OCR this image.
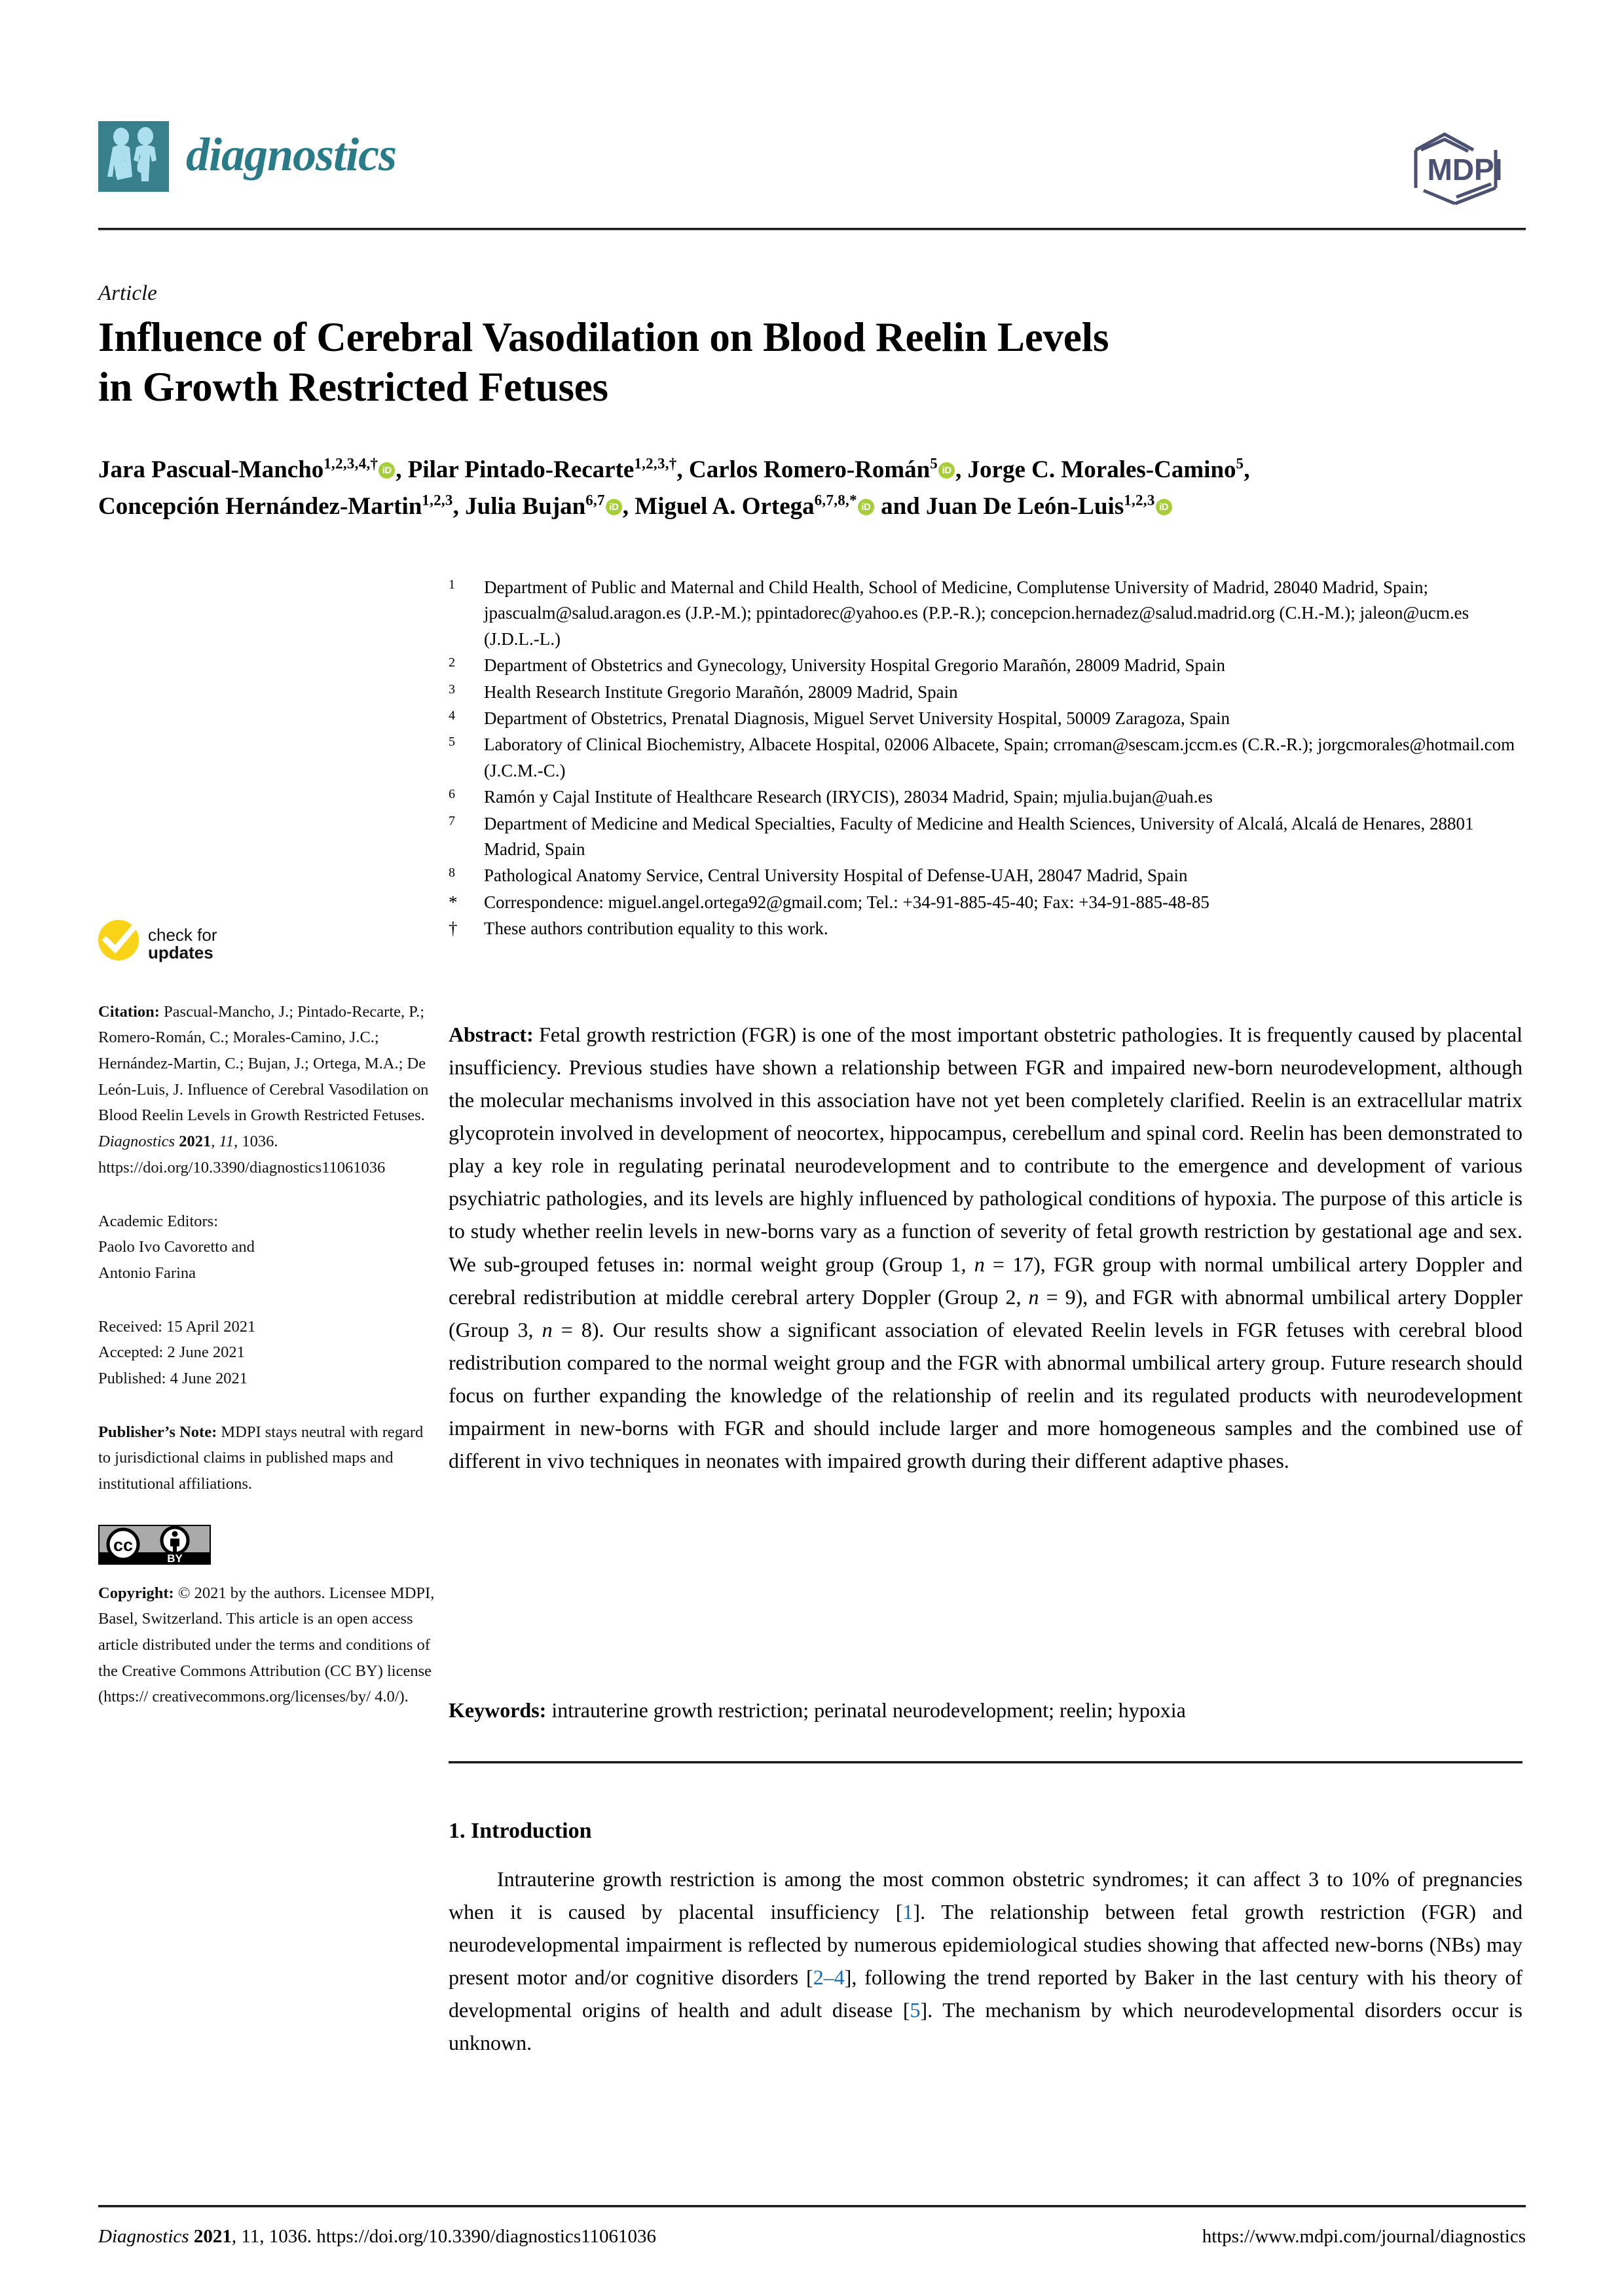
diagnostics	MDPI
Article
Influence of Cerebral Vasodilation on Blood Reelin Levels
in Growth Restricted Fetuses
Jara Pascual-Mancho$^{1,2,3,4,\dagger}$ iD , Pilar Pintado-Recarte$^{1,2,3,\dagger}$, Carlos Romero-Román$^5$ iD , Jorge C. Morales-Camino$^5$,
Concepción Hernández-Martin$^{1,2,3}$, Julia Bujan$^{6,7}$ iD , Miguel A. Ortega$^{6,7,8,*}$ iD and Juan De León-Luis$^{1,2,3}$ iD
1	Department of Public and Maternal and Child Health, School of Medicine, Complutense University of Madrid, 28040 Madrid, Spain; jpascualm@salud.aragon.es (J.P.-M.); ppintadorec@yahoo.es (P.P.-R.); concepcion.hernadez@salud.madrid.org (C.H.-M.); jaleon@ucm.es (J.D.L.-L.)
2	Department of Obstetrics and Gynecology, University Hospital Gregorio Marañón, 28009 Madrid, Spain
3	Health Research Institute Gregorio Marañón, 28009 Madrid, Spain
4	Department of Obstetrics, Prenatal Diagnosis, Miguel Servet University Hospital, 50009 Zaragoza, Spain
5	Laboratory of Clinical Biochemistry, Albacete Hospital, 02006 Albacete, Spain; crroman@sescam.jccm.es (C.R.-R.); jorgcmorales@hotmail.com (J.C.M.-C.)
6	Ramón y Cajal Institute of Healthcare Research (IRYCIS), 28034 Madrid, Spain; mjulia.bujan@uah.es
7	Department of Medicine and Medical Specialties, Faculty of Medicine and Health Sciences, University of Alcalá, Alcalá de Henares, 28801 Madrid, Spain
8	Pathological Anatomy Service, Central University Hospital of Defense-UAH, 28047 Madrid, Spain
*	Correspondence: miguel.angel.ortega92@gmail.com; Tel.: +34-91-885-45-40; Fax: +34-91-885-48-85
†	These authors contribution equality to this work.
check for
updates
Citation: Pascual-Mancho, J.; Pintado-Recarte, P.; Romero-Román, C.; Morales-Camino, J.C.; Hernández-Martin, C.; Bujan, J.; Ortega, M.A.; De León-Luis, J. Influence of Cerebral Vasodilation on Blood Reelin Levels in Growth Restricted Fetuses. Diagnostics 2021, 11, 1036. https://doi.org/10.3390/diagnostics11061036
Academic Editors:
Paolo Ivo Cavoretto and
Antonio Farina
Received: 15 April 2021
Accepted: 2 June 2021
Published: 4 June 2021
Publisher’s Note: MDPI stays neutral with regard to jurisdictional claims in published maps and institutional affiliations.
cc
BY
Copyright: © 2021 by the authors. Licensee MDPI, Basel, Switzerland. This article is an open access article distributed under the terms and conditions of the Creative Commons Attribution (CC BY) license (https:// creativecommons.org/licenses/by/ 4.0/).
Abstract: Fetal growth restriction (FGR) is one of the most important obstetric pathologies. It is frequently caused by placental insufficiency. Previous studies have shown a relationship between FGR and impaired new-born neurodevelopment, although the molecular mechanisms involved in this association have not yet been completely clarified. Reelin is an extracellular matrix glycoprotein involved in development of neocortex, hippocampus, cerebellum and spinal cord. Reelin has been demonstrated to play a key role in regulating perinatal neurodevelopment and to contribute to the emergence and development of various psychiatric pathologies, and its levels are highly influenced by pathological conditions of hypoxia. The purpose of this article is to study whether reelin levels in new-borns vary as a function of severity of fetal growth restriction by gestational age and sex. We sub-grouped fetuses in: normal weight group (Group 1, n = 17), FGR group with normal umbilical artery Doppler and cerebral redistribution at middle cerebral artery Doppler (Group 2, n = 9), and FGR with abnormal umbilical artery Doppler (Group 3, n = 8). Our results show a significant association of elevated Reelin levels in FGR fetuses with cerebral blood redistribution compared to the normal weight group and the FGR with abnormal umbilical artery group. Future research should focus on further expanding the knowledge of the relationship of reelin and its regulated products with neurodevelopment impairment in new-borns with FGR and should include larger and more homogeneous samples and the combined use of different in vivo techniques in neonates with impaired growth during their different adaptive phases.
Keywords: intrauterine growth restriction; perinatal neurodevelopment; reelin; hypoxia
1. Introduction
Intrauterine growth restriction is among the most common obstetric syndromes; it can affect 3 to 10% of pregnancies when it is caused by placental insufficiency [1]. The relationship between fetal growth restriction (FGR) and neurodevelopmental impairment is reflected by numerous epidemiological studies showing that affected new-borns (NBs) may present motor and/or cognitive disorders [2–4], following the trend reported by Baker in the last century with his theory of developmental origins of health and adult disease [5]. The mechanism by which neurodevelopmental disorders occur is unknown.
Diagnostics 2021, 11, 1036. https://doi.org/10.3390/diagnostics11061036	https://www.mdpi.com/journal/diagnostics
